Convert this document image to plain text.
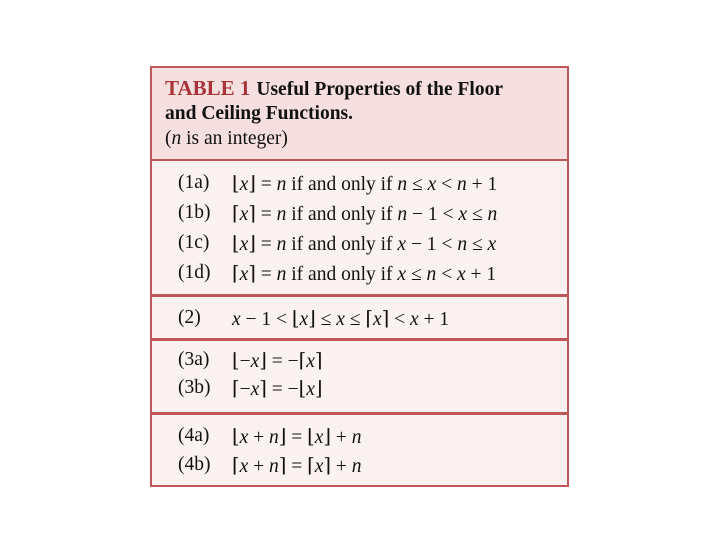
TABLE 1 Useful Properties of the Floor
and Ceiling Functions.
(n is an integer)
(1a) ⌊x⌋ = n if and only if n ≤ x < n + 1
(1b) ⌈x⌉ = n if and only if n − 1 < x ≤ n
(1c) ⌊x⌋ = n if and only if x − 1 < n ≤ x
(1d) ⌈x⌉ = n if and only if x ≤ n < x + 1
(2) x − 1 < ⌊x⌋ ≤ x ≤ ⌈x⌉ < x + 1
(3a) ⌊−x⌋ = −⌈x⌉
(3b) ⌈−x⌉ = −⌊x⌋
(4a) ⌊x + n⌋ = ⌊x⌋ + n
(4b) ⌈x + n⌉ = ⌈x⌉ + n
